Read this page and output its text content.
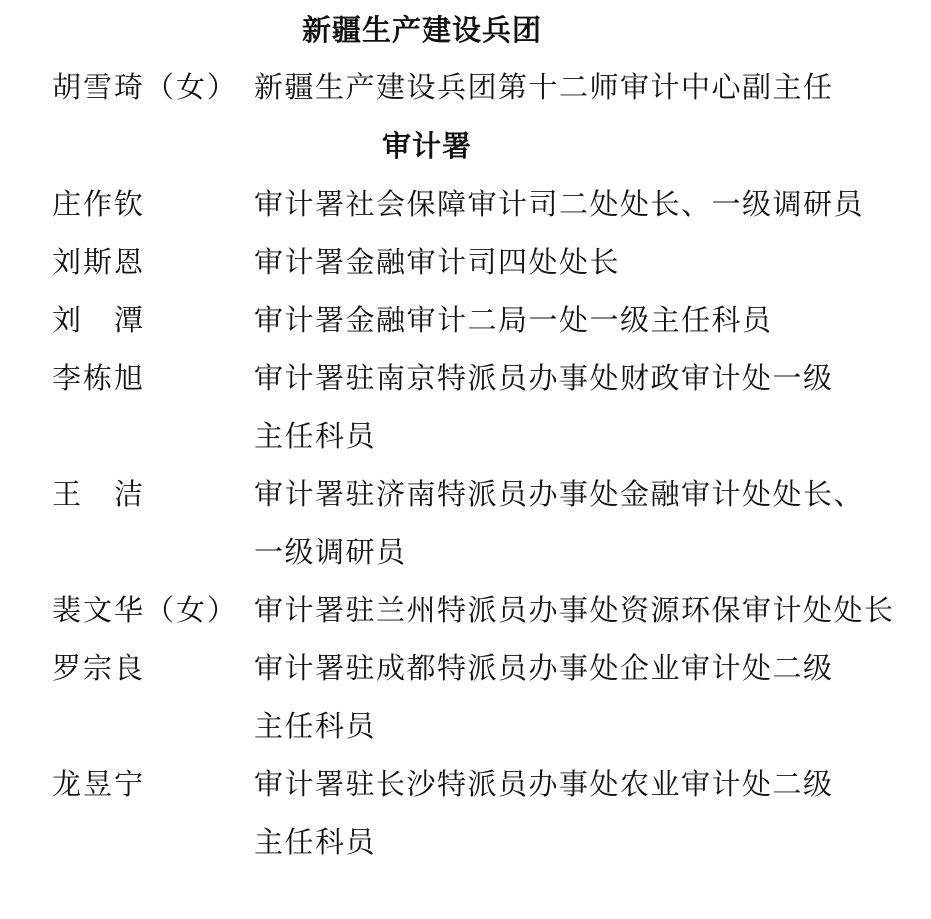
新疆生产建设兵团
胡雪琦（女） 新疆生产建设兵团第十二师审计中心副主任
审计署
庄作钦	审计署社会保障审计司二处处长、一级调研员
刘斯恩	审计署金融审计司四处处长
刘　潭	审计署金融审计二局一处一级主任科员
李栋旭	审计署驻南京特派员办事处财政审计处一级
主任科员
王　洁	审计署驻济南特派员办事处金融审计处处长、
一级调研员
裴文华（女） 审计署驻兰州特派员办事处资源环保审计处处长
罗宗良	审计署驻成都特派员办事处企业审计处二级
主任科员
龙昱宁	审计署驻长沙特派员办事处农业审计处二级
主任科员
